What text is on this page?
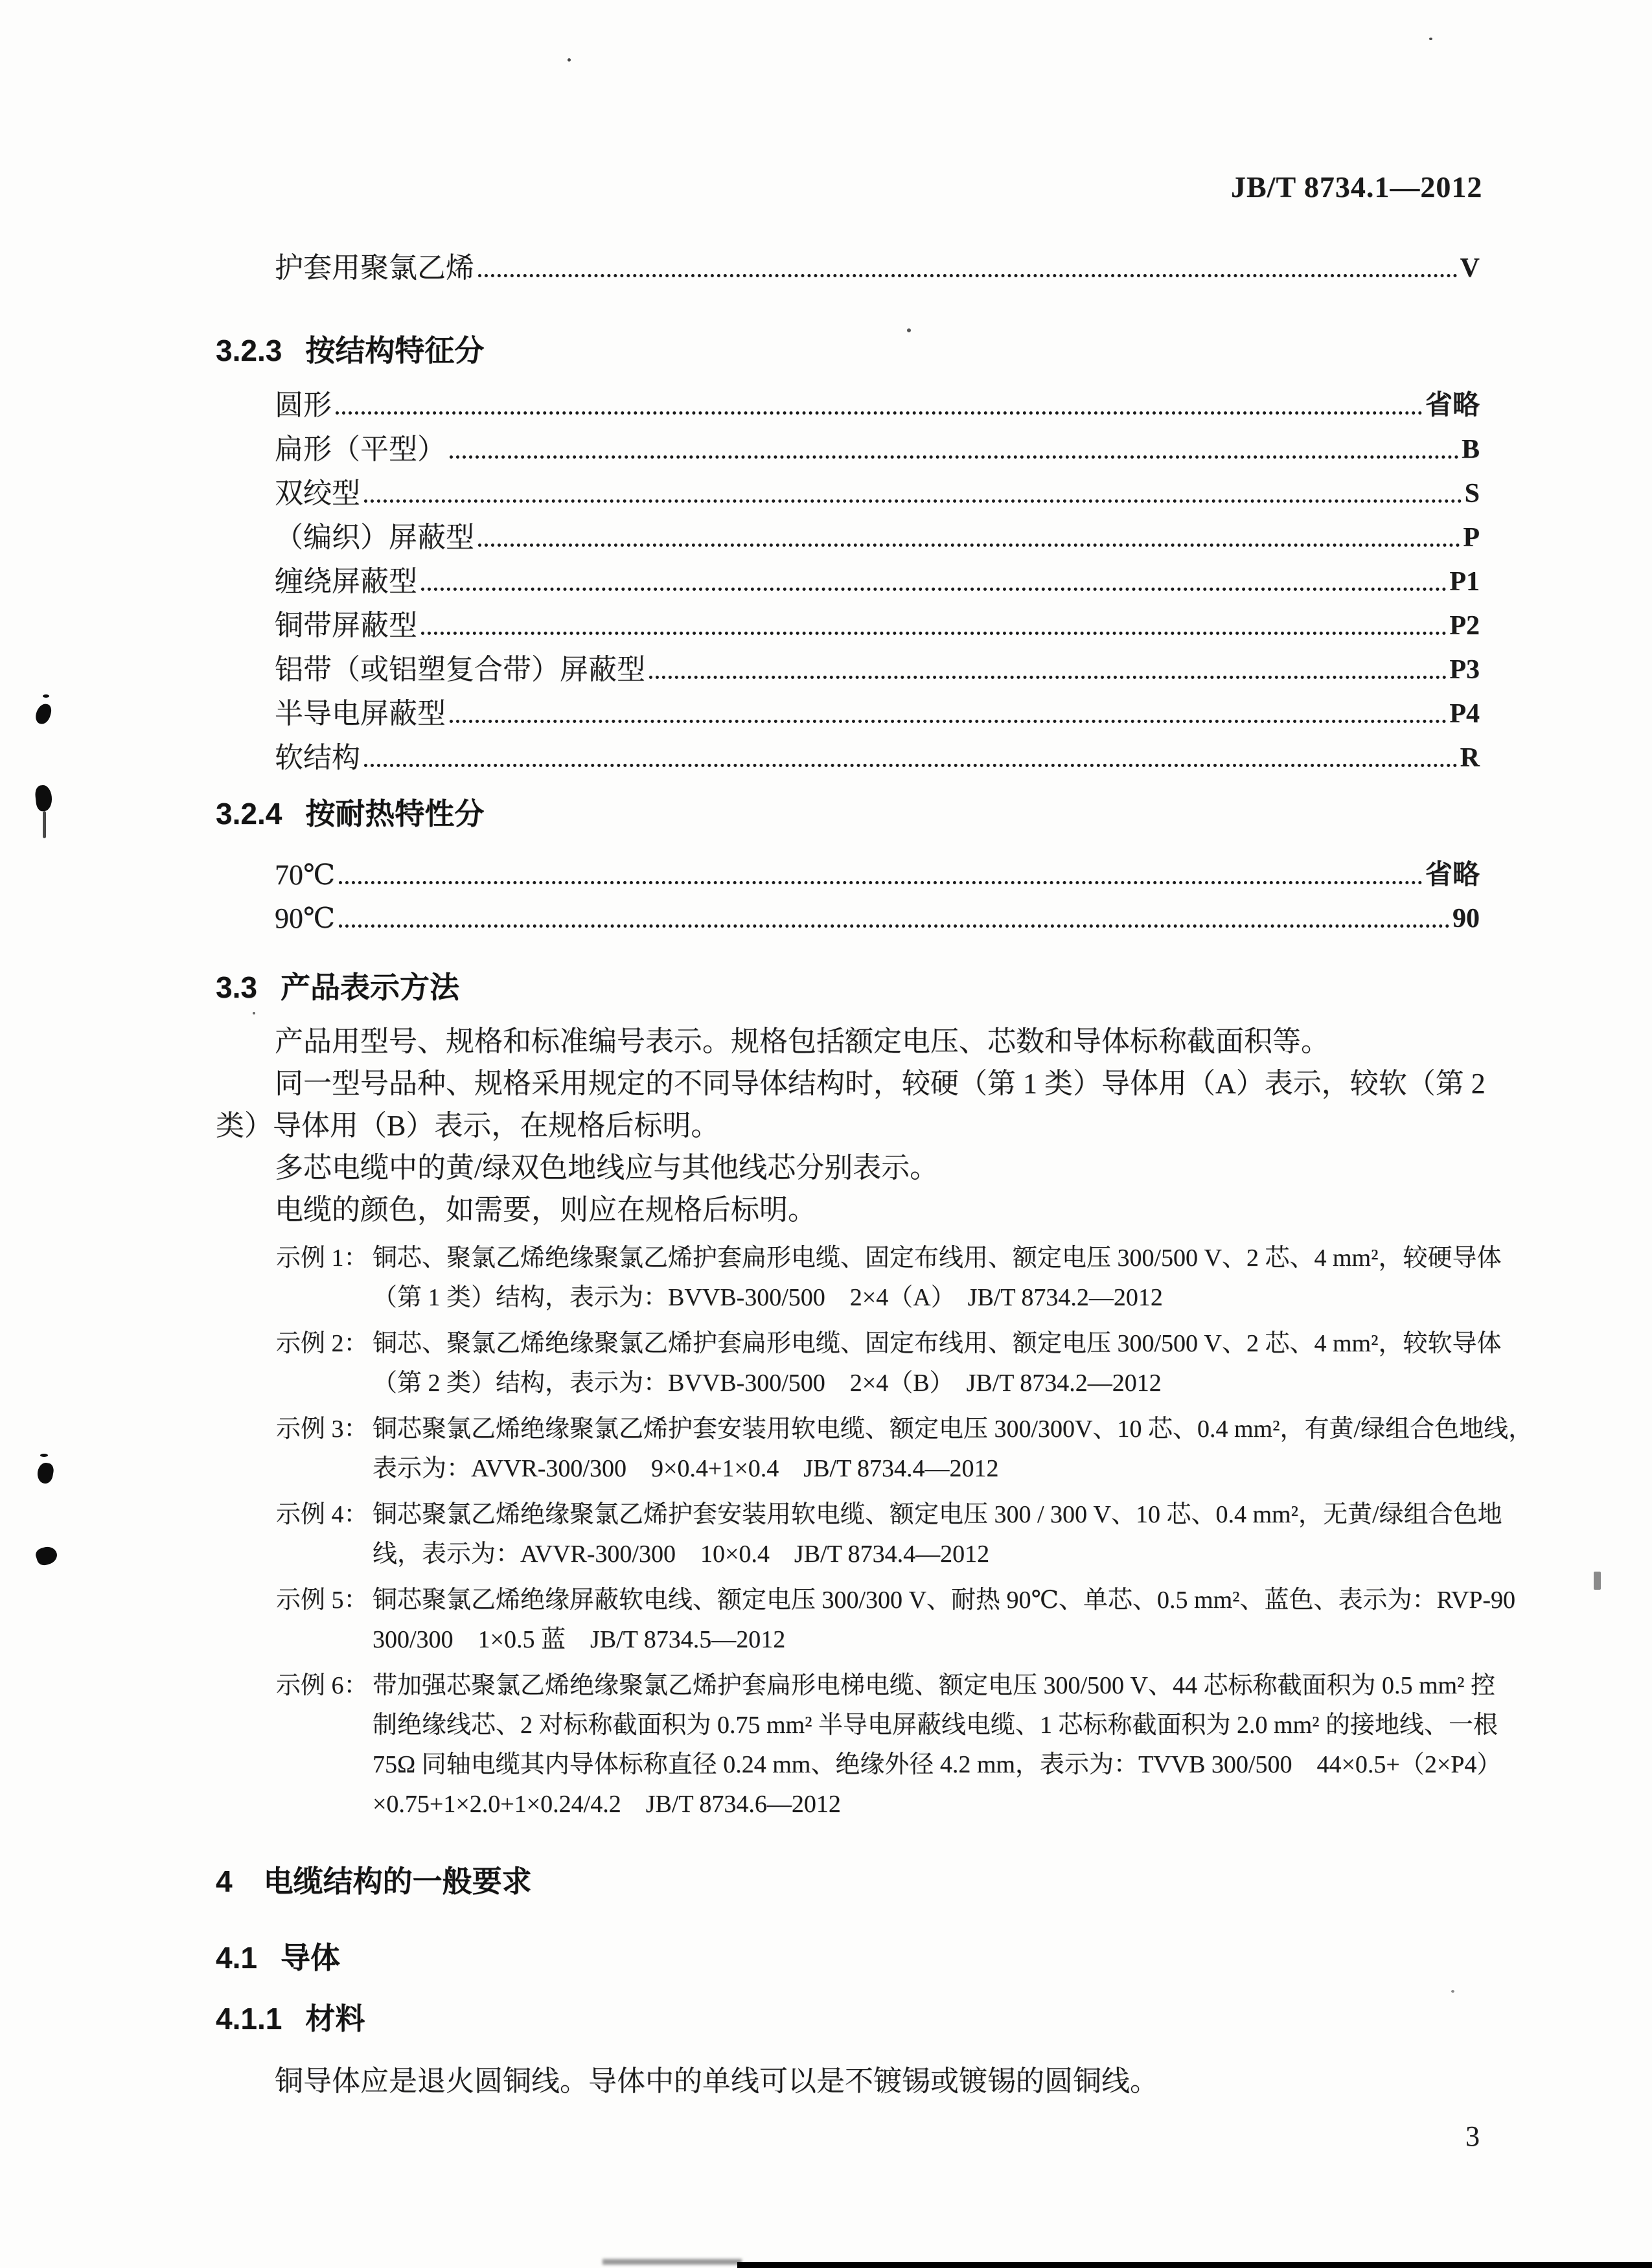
JB/T 8734.1—2012
护套用聚氯乙烯	V
3.2.3 按结构特征分
圆形	省略
扁形（平型）	B
双绞型	S
（编织）屏蔽型	P
缠绕屏蔽型	P1
铜带屏蔽型	P2
铝带（或铝塑复合带）屏蔽型	P3
半导电屏蔽型	P4
软结构	R
3.2.4 按耐热特性分
70℃	省略
90℃	90
3.3 产品表示方法
产品用型号、规格和标准编号表示。规格包括额定电压、芯数和导体标称截面积等。
同一型号品种、规格采用规定的不同导体结构时，较硬（第 1 类）导体用（A）表示，较软（第 2
类）导体用（B）表示，在规格后标明。
多芯电缆中的黄/绿双色地线应与其他线芯分别表示。
电缆的颜色，如需要，则应在规格后标明。
示例 1： 铜芯、聚氯乙烯绝缘聚氯乙烯护套扁形电缆、固定布线用、额定电压 300/500 V、2 芯、4 mm²，较硬导体
（第 1 类）结构，表示为：BVVB-300/500　2×4（A）　JB/T 8734.2—2012
示例 2： 铜芯、聚氯乙烯绝缘聚氯乙烯护套扁形电缆、固定布线用、额定电压 300/500 V、2 芯、4 mm²，较软导体
（第 2 类）结构，表示为：BVVB-300/500　2×4（B）　JB/T 8734.2—2012
示例 3： 铜芯聚氯乙烯绝缘聚氯乙烯护套安装用软电缆、额定电压 300/300V、10 芯、0.4 mm²，有黄/绿组合色地线，
表示为：AVVR-300/300　9×0.4+1×0.4　JB/T 8734.4—2012
示例 4： 铜芯聚氯乙烯绝缘聚氯乙烯护套安装用软电缆、额定电压 300 / 300 V、10 芯、0.4 mm²，无黄/绿组合色地
线，表示为：AVVR-300/300　10×0.4　JB/T 8734.4—2012
示例 5： 铜芯聚氯乙烯绝缘屏蔽软电线、额定电压 300/300 V、耐热 90℃、单芯、0.5 mm²、蓝色、表示为：RVP-90
300/300　1×0.5 蓝　JB/T 8734.5—2012
示例 6： 带加强芯聚氯乙烯绝缘聚氯乙烯护套扁形电梯电缆、额定电压 300/500 V、44 芯标称截面积为 0.5 mm² 控
制绝缘线芯、2 对标称截面积为 0.75 mm² 半导电屏蔽线电缆、1 芯标称截面积为 2.0 mm² 的接地线、一根
75Ω 同轴电缆其内导体标称直径 0.24 mm、绝缘外径 4.2 mm，表示为：TVVB 300/500　44×0.5+（2×P4）
×0.75+1×2.0+1×0.24/4.2　JB/T 8734.6—2012
4 电缆结构的一般要求
4.1 导体
4.1.1 材料
铜导体应是退火圆铜线。导体中的单线可以是不镀锡或镀锡的圆铜线。
3
